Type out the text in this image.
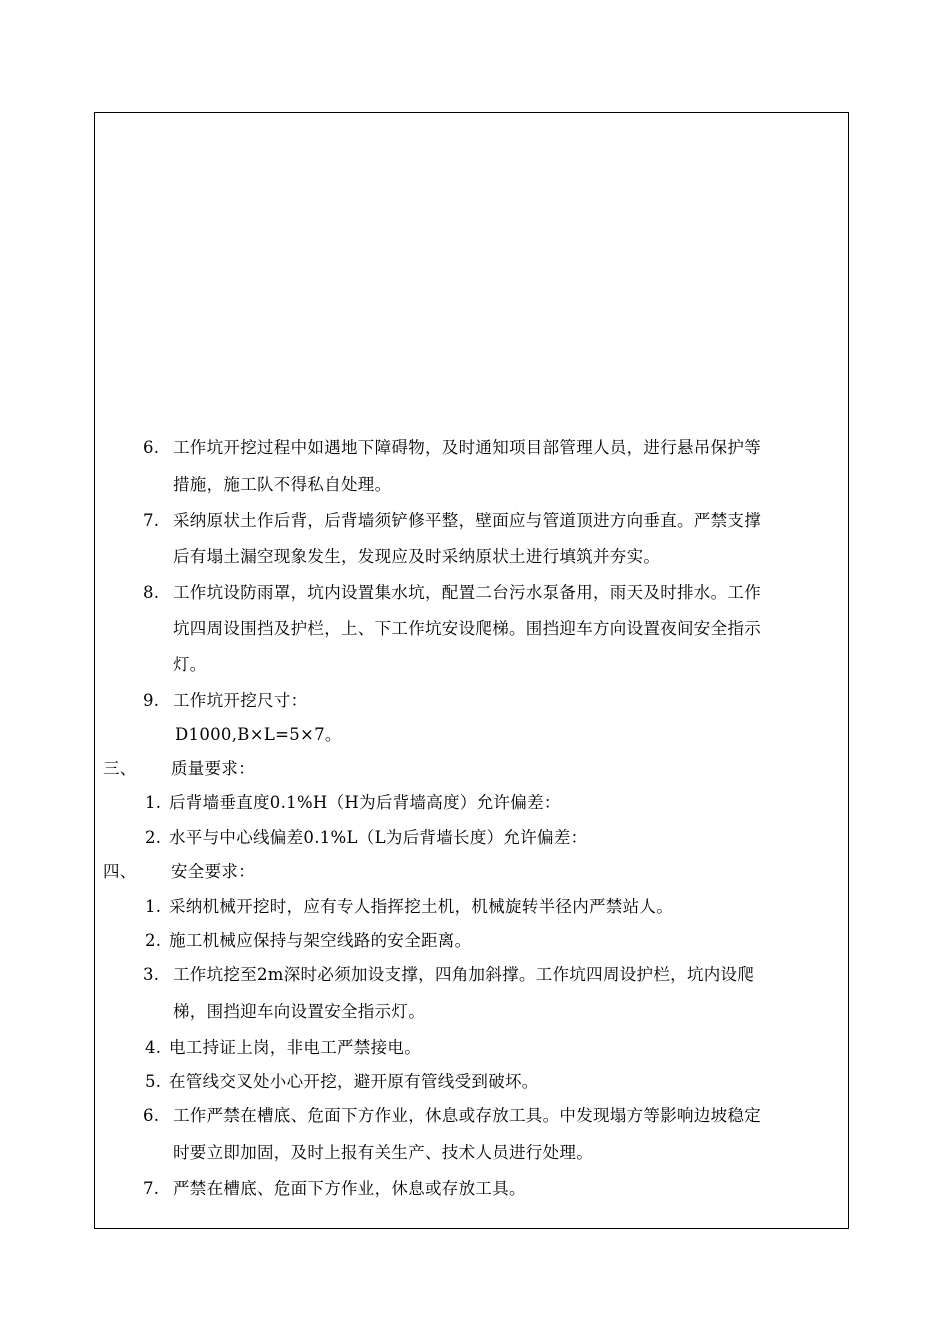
6. 工作坑开挖过程中如遇地下障碍物，及时通知项目部管理人员，进行悬吊保护等
措施，施工队不得私自处理。
7. 采纳原状土作后背，后背墙须铲修平整，壁面应与管道顶进方向垂直。严禁支撑
后有塌土漏空现象发生，发现应及时采纳原状土进行填筑并夯实。
8. 工作坑设防雨罩，坑内设置集水坑，配置二台污水泵备用，雨天及时排水。工作
坑四周设围挡及护栏，上、下工作坑安设爬梯。围挡迎车方向设置夜间安全指示
灯。
9. 工作坑开挖尺寸：
D1000,B×L=5×7。
三、 质量要求：
1. 后背墙垂直度0.1%H（H为后背墙高度）允许偏差：
2. 水平与中心线偏差0.1%L（L为后背墙长度）允许偏差：
四、 安全要求：
1. 采纳机械开挖时，应有专人指挥挖土机，机械旋转半径内严禁站人。
2. 施工机械应保持与架空线路的安全距离。
3. 工作坑挖至2m深时必须加设支撑，四角加斜撑。工作坑四周设护栏，坑内设爬
梯，围挡迎车向设置安全指示灯。
4. 电工持证上岗，非电工严禁接电。
5. 在管线交叉处小心开挖，避开原有管线受到破坏。
6. 工作严禁在槽底、危面下方作业，休息或存放工具。中发现塌方等影响边坡稳定
时要立即加固，及时上报有关生产、技术人员进行处理。
7. 严禁在槽底、危面下方作业，休息或存放工具。
